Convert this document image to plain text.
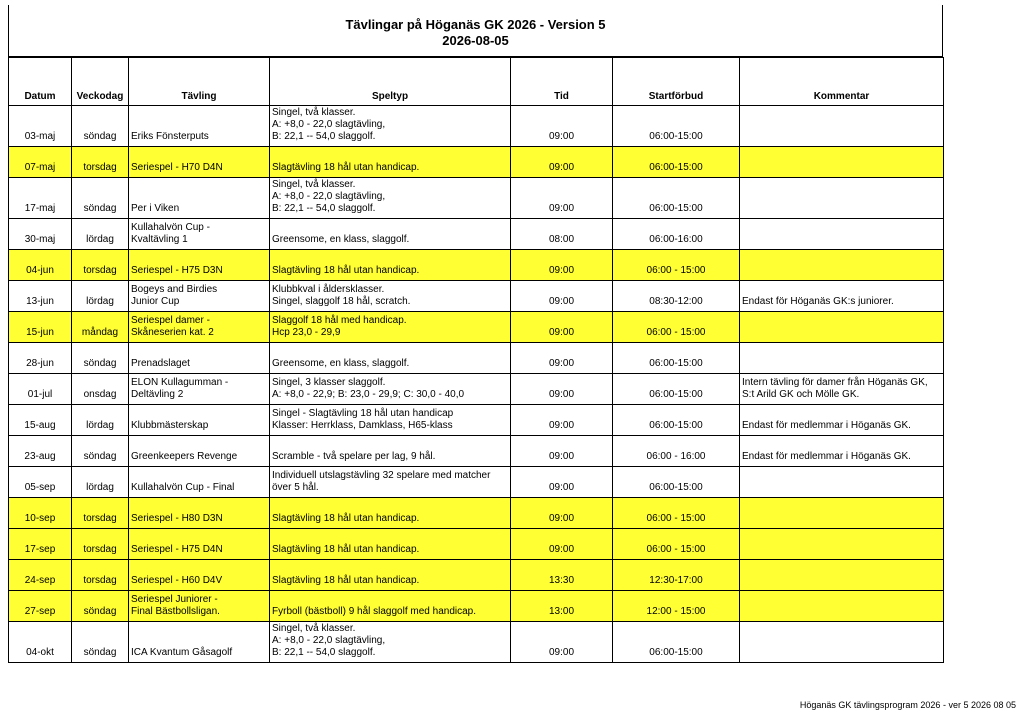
Tävlingar på Höganäs GK 2026 - Version 5
2026-08-05
Datum	Veckodag	Tävling	Speltyp	Tid	Startförbud	Kommentar
03-maj	söndag	Eriks Fönsterputs	Singel, två klasser.
A: +8,0 - 22,0 slagtävling,
B: 22,1 -- 54,0 slaggolf.	09:00	06:00-15:00	
07-maj	torsdag	Seriespel - H70 D4N	Slagtävling 18 hål utan handicap.	09:00	06:00-15:00	
17-maj	söndag	Per i Viken	Singel, två klasser.
A: +8,0 - 22,0 slagtävling,
B: 22,1 -- 54,0 slaggolf.	09:00	06:00-15:00	
30-maj	lördag	Kullahalvön Cup -
Kvaltävling 1	Greensome, en klass, slaggolf.	08:00	06:00-16:00	
04-jun	torsdag	Seriespel - H75 D3N	Slagtävling 18 hål utan handicap.	09:00	06:00 - 15:00	
13-jun	lördag	Bogeys and Birdies
Junior Cup	Klubbkval i åldersklasser.
Singel, slaggolf 18 hål, scratch.	09:00	08:30-12:00	Endast för Höganäs GK:s juniorer.
15-jun	måndag	Seriespel damer -
Skåneserien kat. 2	Slaggolf 18 hål med handicap.
Hcp 23,0 - 29,9	09:00	06:00 - 15:00	
28-jun	söndag	Prenadslaget	Greensome, en klass, slaggolf.	09:00	06:00-15:00	
01-jul	onsdag	ELON Kullagumman -
Deltävling 2	Singel, 3 klasser slaggolf.
A: +8,0 - 22,9; B: 23,0 - 29,9; C: 30,0 - 40,0	09:00	06:00-15:00	Intern tävling för damer från Höganäs GK,
S:t Arild GK och Mölle GK.
15-aug	lördag	Klubbmästerskap	Singel - Slagtävling 18 hål utan handicap
Klasser: Herrklass, Damklass, H65-klass	09:00	06:00-15:00	Endast för medlemmar i Höganäs GK.
23-aug	söndag	Greenkeepers Revenge	Scramble - två spelare per lag, 9 hål.	09:00	06:00 - 16:00	Endast för medlemmar i Höganäs GK.
05-sep	lördag	Kullahalvön Cup - Final	Individuell utslagstävling 32 spelare med matcher
över 5 hål.	09:00	06:00-15:00	
10-sep	torsdag	Seriespel - H80 D3N	Slagtävling 18 hål utan handicap.	09:00	06:00 - 15:00	
17-sep	torsdag	Seriespel - H75 D4N	Slagtävling 18 hål utan handicap.	09:00	06:00 - 15:00	
24-sep	torsdag	Seriespel - H60 D4V	Slagtävling 18 hål utan handicap.	13:30	12:30-17:00	
27-sep	söndag	Seriespel Juniorer -
Final Bästbollsligan.	Fyrboll (bästboll) 9 hål slaggolf med handicap.	13:00	12:00 - 15:00	
04-okt	söndag	ICA Kvantum Gåsagolf	Singel, två klasser.
A: +8,0 - 22,0 slagtävling,
B: 22,1 -- 54,0 slaggolf.	09:00	06:00-15:00	
Höganäs GK tävlingsprogram 2026 - ver 5 2026 08 05
